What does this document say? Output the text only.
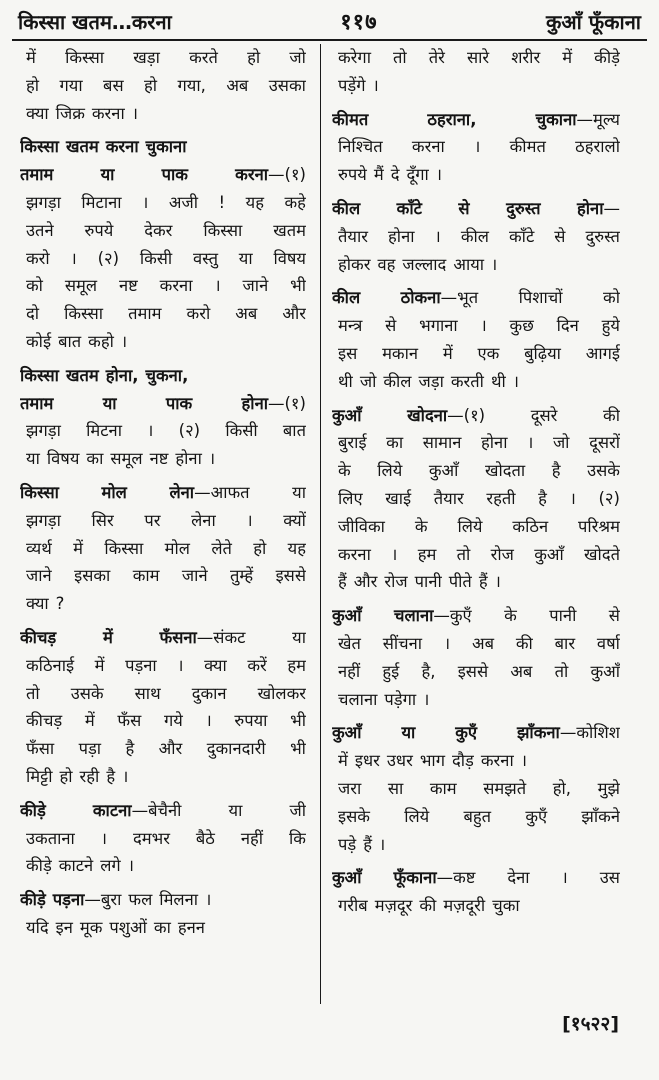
किस्सा खतम…करना	११७	कुआँ फूँकाना
में किस्सा खड़ा करते हो जो
हो गया बस हो गया, अब उसका
क्या जिक्र करना ।
किस्सा खतम करना चुकाना
तमाम	या	पाक	करना—(१)
झगड़ा मिटाना । अजी ! यह कहे
उतने रुपये देकर किस्सा खतम
करो । (२) किसी वस्तु या विषय
को समूल नष्ट करना । जाने भी
दो किस्सा तमाम करो अब और
कोई बात कहो ।
किस्सा खतम होना, चुकना,
तमाम	या	पाक	होना—(१)
झगड़ा मिटना । (२) किसी बात
या विषय का समूल नष्ट होना ।
किस्सा	मोल	लेना—आफत	या
झगड़ा सिर पर लेना । क्यों
व्यर्थ में किस्सा मोल लेते हो यह
जाने इसका काम जाने तुम्हें इससे
क्या ?
कीचड़	में	फँसना—संकट	या
कठिनाई में पड़ना । क्या करें हम
तो उसके साथ दुकान खोलकर
कीचड़ में फँस गये । रुपया भी
फँसा पड़ा है और दुकानदारी भी
मिट्टी हो रही है ।
कीड़े	काटना—बेचैनी	या	जी
उकताना । दमभर बैठे नहीं कि
कीड़े काटने लगे ।
कीड़े पड़ना—बुरा फल मिलना ।
यदि इन मूक पशुओं का हनन
करेगा तो तेरे सारे शरीर में कीड़े
पड़ेंगे ।
कीमत	ठहराना,	चुकाना—मूल्य
निश्चित करना । कीमत ठहरालो
रुपये मैं दे दूँगा ।
कील काँटे से दुरुस्त होना—
तैयार होना । कील काँटे से दुरुस्त
होकर वह जल्लाद आया ।
कील ठोकना—भूत पिशाचों को
मन्त्र से भगाना । कुछ दिन हुये
इस मकान में एक बुढ़िया आगई
थी जो कील जड़ा करती थी ।
कुआँ	खोदना—(१)	दूसरे	की
बुराई का सामान होना । जो दूसरों
के लिये कुआँ खोदता है उसके
लिए खाई तैयार रहती है । (२)
जीविका के लिये कठिन परिश्रम
करना । हम तो रोज कुआँ खोदते
हैं और रोज पानी पीते हैं ।
कुआँ चलाना—कुएँ के पानी से
खेत सींचना । अब की बार वर्षा
नहीं हुई है, इससे अब तो कुआँ
चलाना पड़ेगा ।
कुआँ या कुएँ झाँकना—कोशिश
में इधर उधर भाग दौड़ करना ।
जरा सा काम समझते हो, मुझे
इसके लिये बहुत कुएँ झाँकने
पड़े हैं ।
कुआँ फूँकाना—कष्ट देना । उस
गरीब मज़दूर की मज़दूरी चुका
[१५२२]
